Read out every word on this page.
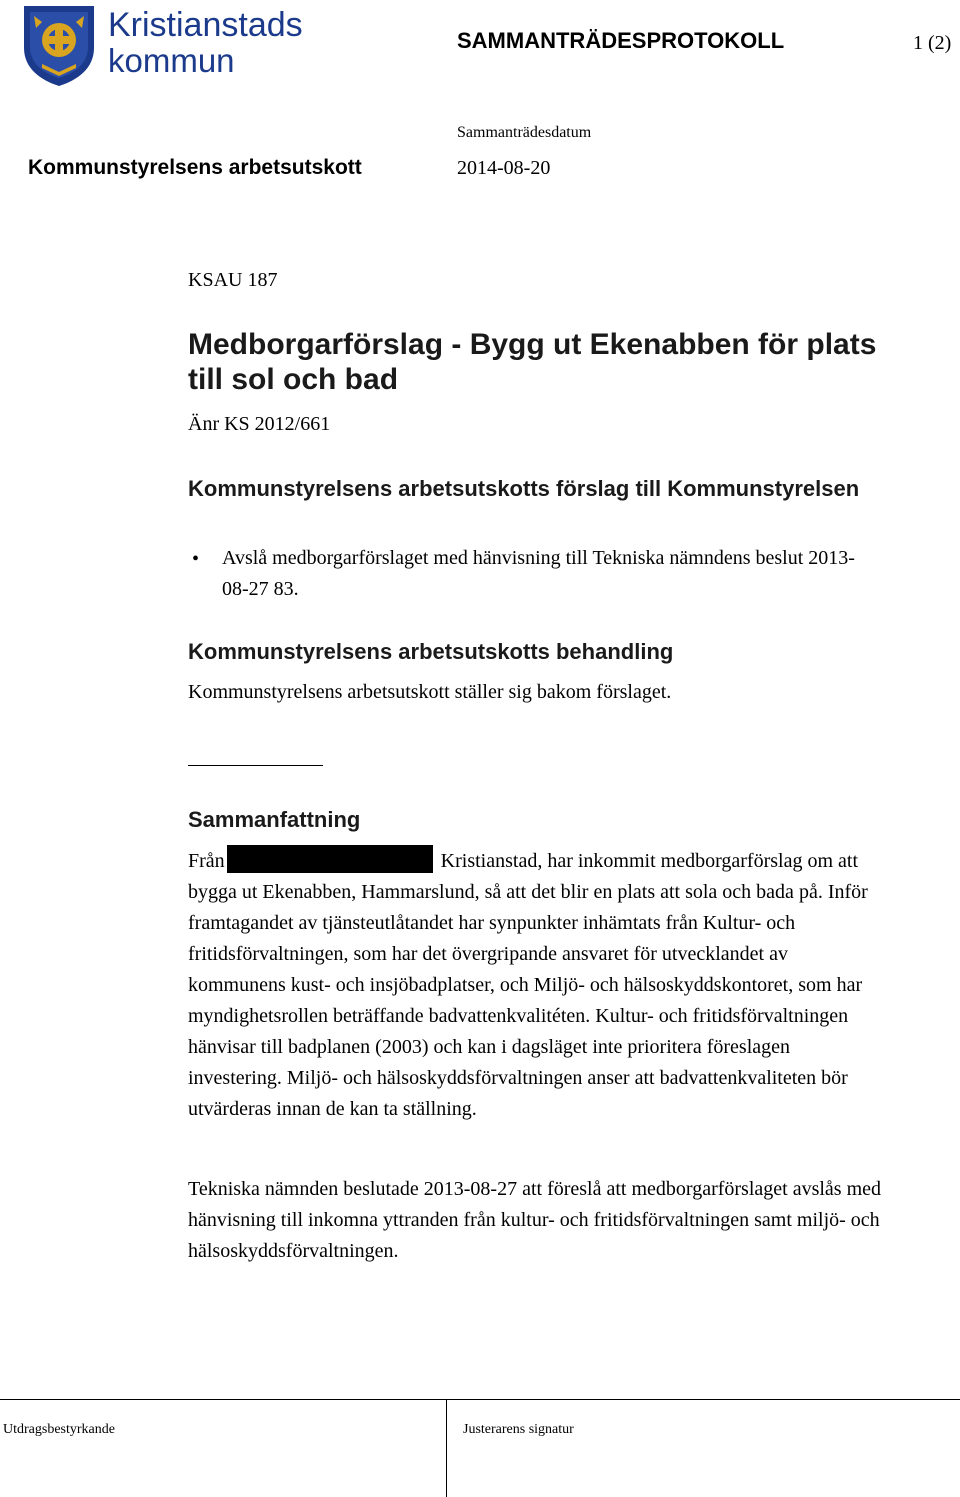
Kristianstads
kommun
SAMMANTRÄDESPROTOKOLL	1 (2)
Kommunstyrelsens arbetsutskott
Sammanträdesdatum
2014-08-20
KSAU 187
Medborgarförslag - Bygg ut Ekenabben för plats till sol och bad
Änr KS 2012/661
Kommunstyrelsens arbetsutskotts förslag till Kommunstyrelsen
• Avslå medborgarförslaget med hänvisning till Tekniska nämndens beslut 2013-08-27 83.
Kommunstyrelsens arbetsutskotts behandling
Kommunstyrelsens arbetsutskott ställer sig bakom förslaget.
Sammanfattning

Från	Kristianstad, har inkommit medborgarförslag om att bygga ut Ekenabben, Hammarslund, så att det blir en plats att sola och bada på. Inför framtagandet av tjänsteutlåtandet har synpunkter inhämtats från Kultur- och fritidsförvaltningen, som har det övergripande ansvaret för utvecklandet av kommunens kust- och insjöbadplatser, och Miljö- och hälsoskyddskontoret, som har myndighetsrollen beträffande badvattenkvalitéten. Kultur- och fritidsförvaltningen hänvisar till badplanen (2003) och kan i dagsläget inte prioritera föreslagen investering. Miljö- och hälsoskyddsförvaltningen anser att badvattenkvaliteten bör utvärderas innan de kan ta ställning.

Tekniska nämnden beslutade 2013-08-27 att föreslå att medborgarförslaget avslås med hänvisning till inkomna yttranden från kultur- och fritidsförvaltningen samt miljö- och hälsoskyddsförvaltningen.
Utdragsbestyrkande	Justerarens signatur
